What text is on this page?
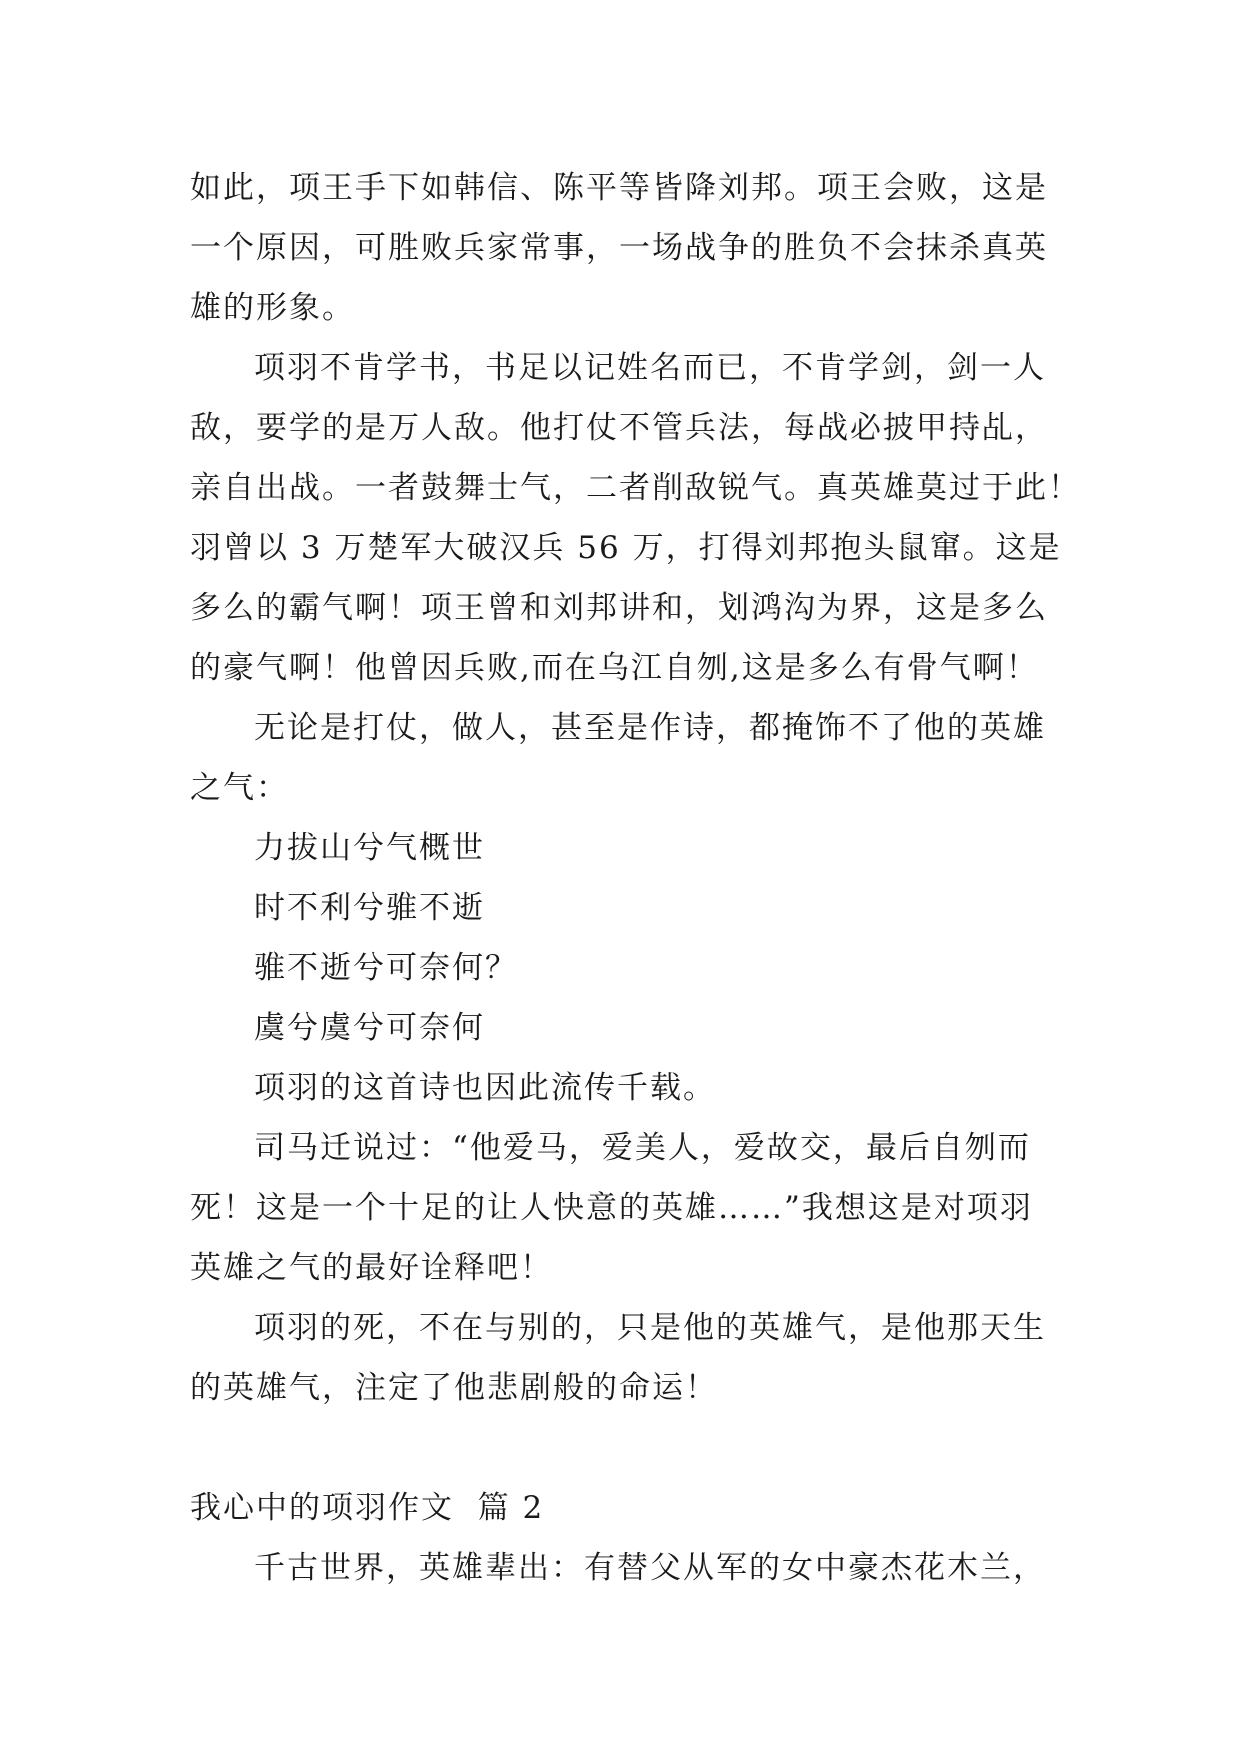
如此，项王手下如韩信、陈平等皆降刘邦。项王会败，这是
一个原因，可胜败兵家常事，一场战争的胜负不会抹杀真英
雄的形象。
项羽不肯学书，书足以记姓名而已，不肯学剑，剑一人
敌，要学的是万人敌。他打仗不管兵法，每战必披甲持乩，
亲自出战。一者鼓舞士气，二者削敌锐气。真英雄莫过于此！
羽曾以 3 万楚军大破汉兵 56 万，打得刘邦抱头鼠窜。这是
多么的霸气啊！项王曾和刘邦讲和，划鸿沟为界，这是多么
的豪气啊！他曾因兵败,而在乌江自刎,这是多么有骨气啊！
无论是打仗，做人，甚至是作诗，都掩饰不了他的英雄
之气：
力拔山兮气概世
时不利兮骓不逝
骓不逝兮可奈何？
虞兮虞兮可奈何
项羽的这首诗也因此流传千载。
司马迁说过：“他爱马，爱美人，爱故交，最后自刎而
死！这是一个十足的让人快意的英雄……”我想这是对项羽
英雄之气的最好诠释吧！
项羽的死，不在与别的，只是他的英雄气，是他那天生
的英雄气，注定了他悲剧般的命运！
我心中的项羽作文  篇 2
千古世界，英雄辈出：有替父从军的女中豪杰花木兰，
